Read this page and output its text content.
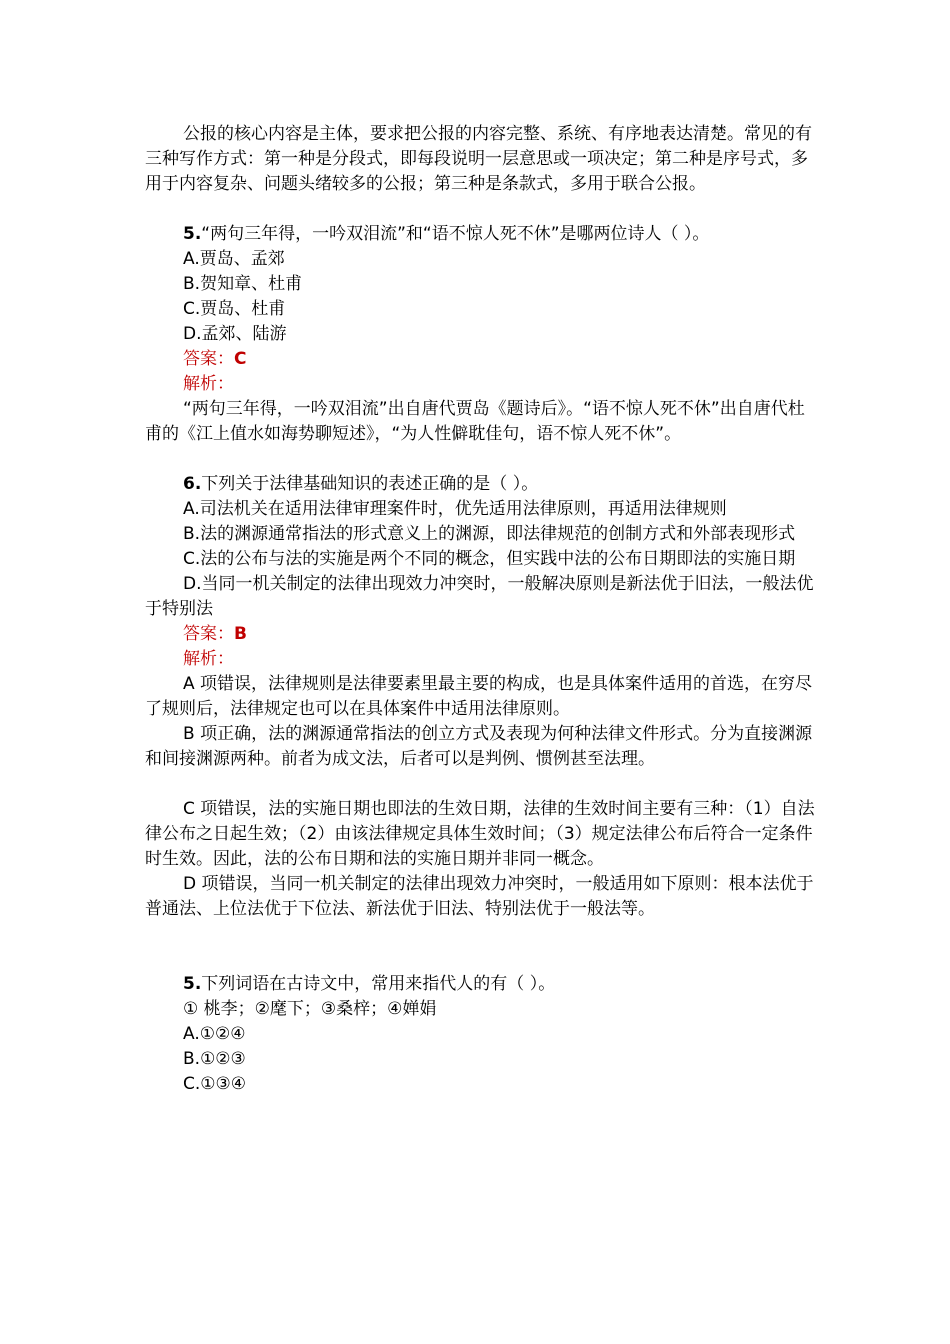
公报的核心内容是主体，要求把公报的内容完整、系统、有序地表达清楚。常见的有三种写作方式：第一种是分段式，即每段说明一层意思或一项决定；第二种是序号式，多用于内容复杂、问题头绪较多的公报；第三种是条款式，多用于联合公报。

5.“两句三年得，一吟双泪流”和“语不惊人死不休”是哪两位诗人（ ）。

A.贾岛、孟郊

B.贺知章、杜甫

C.贾岛、杜甫

D.孟郊、陆游

答案：C

解析：

“两句三年得，一吟双泪流”出自唐代贾岛《题诗后》。“语不惊人死不休”出自唐代杜甫的《江上值水如海势聊短述》，“为人性僻耽佳句，语不惊人死不休”。

6.下列关于法律基础知识的表述正确的是（ ）。

A.司法机关在适用法律审理案件时，优先适用法律原则，再适用法律规则

B.法的渊源通常指法的形式意义上的渊源，即法律规范的创制方式和外部表现形式

C.法的公布与法的实施是两个不同的概念，但实践中法的公布日期即法的实施日期

D.当同一机关制定的法律出现效力冲突时，一般解决原则是新法优于旧法，一般法优于特别法

答案：B

解析：

A 项错误，法律规则是法律要素里最主要的构成，也是具体案件适用的首选，在穷尽了规则后，法律规定也可以在具体案件中适用法律原则。

B 项正确，法的渊源通常指法的创立方式及表现为何种法律文件形式。分为直接渊源和间接渊源两种。前者为成文法，后者可以是判例、惯例甚至法理。

C 项错误，法的实施日期也即法的生效日期，法律的生效时间主要有三种：（1）自法律公布之日起生效；（2）由该法律规定具体生效时间；（3）规定法律公布后符合一定条件时生效。因此，法的公布日期和法的实施日期并非同一概念。

D 项错误，当同一机关制定的法律出现效力冲突时，一般适用如下原则：根本法优于普通法、上位法优于下位法、新法优于旧法、特别法优于一般法等。

5.下列词语在古诗文中，常用来指代人的有（ ）。

① 桃李；②麾下；③桑梓；④婵娟

A.①②④

B.①②③

C.①③④
